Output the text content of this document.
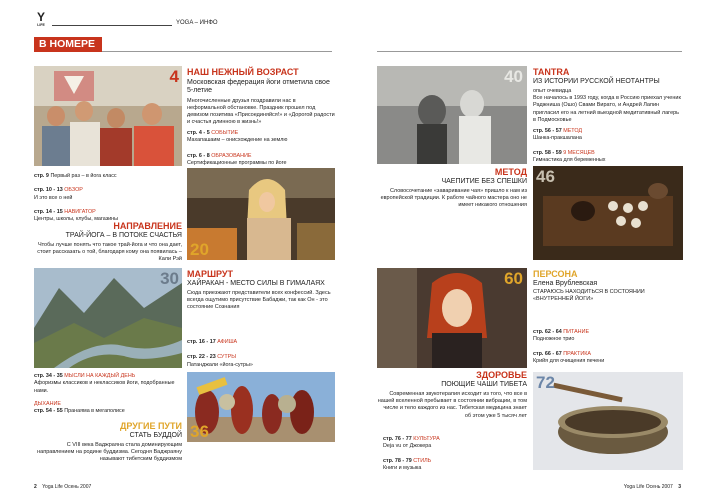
Y
LIFE	YOGA – ИНФО
В НОМЕРЕ
4 НАШ НЕЖНЫЙ ВОЗРАСТ
Московская федерация йоги отметила свое 5-летие
Многочисленные друзья поздравили нас в неформальной обстановке. Праздник прошел под девизом позитива «Присоединяйся!» и «Дорогой радости и счастья длинною в жизнь!»
стр. 4 - 5 СОБЫТИЕ
Махапашаим – онисхождение на землю
стр. 6 - 8 ОБРАЗОВАНИЕ
Сертификационные программы по йоге
стр. 9 Первый раз – в йога класс
стр. 10 - 13 ОБЗОР
И это все о ней
стр. 14 - 15 НАВИГАТОР
Центры, школы, клубы, магазины
20
НАПРАВЛЕНИЕ
ТРАЙ-ЙОГА – В ПОТОКЕ СЧАСТЬЯ
Чтобы лучше понять что такое трай-йога и что она дает, стоит рассказать о той, благодаря кому она появилась – Кали Рэй
30 МАРШРУТ
ХАЙРАКАН - МЕСТО СИЛЫ В ГИМАЛАЯХ
Сюда приезжают представители всех конфессий. Здесь всегда ощутимо присутствие Бабаджи, так как Он - это состояние Сознания
стр. 16 - 17 АФИША
стр. 22 - 23 СУТРЫ
Патанджали «йога-сутры»
стр. 34 - 35 МЫСЛИ НА КАЖДЫЙ ДЕНЬ
Афоризмы классиков и неклассиков йоги, подобранные нами.
ДЫХАНИЕ
стр. 54 - 55 Пранаяма в мегаполисе
36
ДРУГИЕ ПУТИ
СТАТЬ БУДДОЙ
С VIII века Ваджраяна стала доминирующим направлением на родине буддизма. Сегодня Ваджраяну называют тибетским буддизмом
2 Yoga Life Осень 2007
40 TANTRA
ИЗ ИСТОРИИ РУССКОЙ НЕОТАНТРЫ
опыт очевидца
Все началось в 1993 году, когда в Россию приехал ученик Раджниша (Ошо) Свами Вирато, и Андрей Лапин пригласил его на летний выездной медитативный лагерь в Подмосковье
стр. 56 - 57 МЕТОД
Шанка-пракшалана
стр. 58 - 59 9 МЕСЯЦЕВ
Гимнастика для беременных
МЕТОД
ЧАЕПИТИЕ БЕЗ СПЕШКИ
Словосочетание «заваривание чая» пришло к нам из европейской традиции. К работе чайного мастера оно не имеет никакого отношения
46
60 ПЕРСОНА
Елена Врублевская
СТАРАЮСЬ НАХОДИТЬСЯ В СОСТОЯНИИ «ВНУТРЕННЕЙ ЙОГИ»
стр. 62 - 64 ПИТАНИЕ
Подножное трио
стр. 66 - 67 ПРАКТИКА
Крийя для очищения печени
ЗДОРОВЬЕ
ПОЮЩИЕ ЧАШИ ТИБЕТА
Современная звукотерапия исходит из того, что все в нашей вселенной пребывает в состоянии вибрации, в том числе и тело каждого из нас. Тибетская медицина знает об этом уже 5 тысяч лет
72
стр. 76 - 77 КУЛЬТУРА
Deja vu от Джокера
стр. 78 - 79 СТИЛЬ
Книги и музыка
Yoga Life Осень 2007 3
